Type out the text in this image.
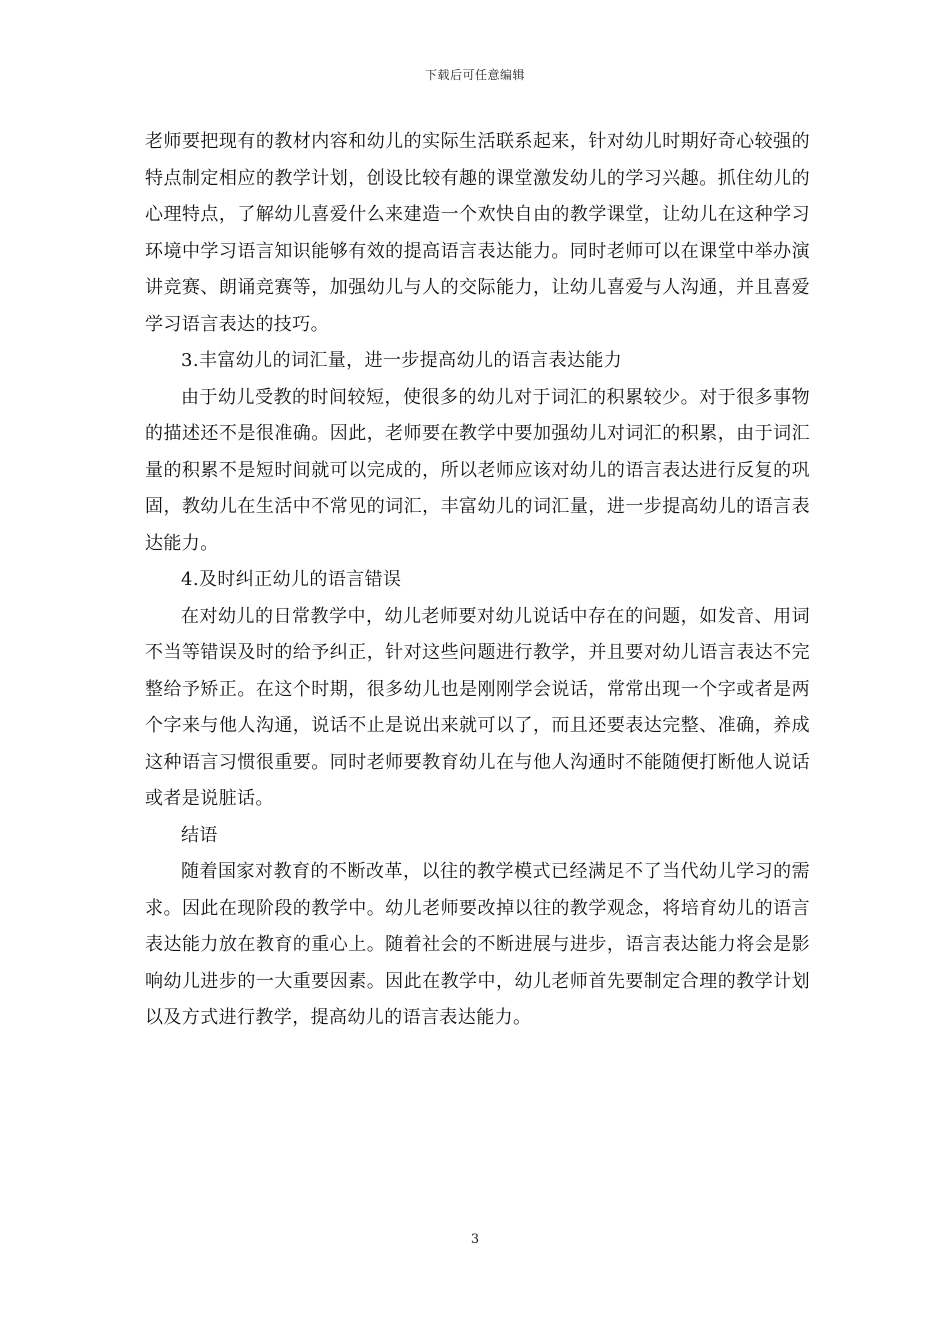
下载后可任意编辑

老师要把现有的教材内容和幼儿的实际生活联系起来，针对幼儿时期好奇心较强的特点制定相应的教学计划，创设比较有趣的课堂激发幼儿的学习兴趣。抓住幼儿的心理特点，了解幼儿喜爱什么来建造一个欢快自由的教学课堂，让幼儿在这种学习环境中学习语言知识能够有效的提高语言表达能力。同时老师可以在课堂中举办演讲竞赛、朗诵竞赛等，加强幼儿与人的交际能力，让幼儿喜爱与人沟通，并且喜爱学习语言表达的技巧。

3.丰富幼儿的词汇量，进一步提高幼儿的语言表达能力

由于幼儿受教的时间较短，使很多的幼儿对于词汇的积累较少。对于很多事物的描述还不是很准确。因此，老师要在教学中要加强幼儿对词汇的积累，由于词汇量的积累不是短时间就可以完成的，所以老师应该对幼儿的语言表达进行反复的巩固，教幼儿在生活中不常见的词汇，丰富幼儿的词汇量，进一步提高幼儿的语言表达能力。

4.及时纠正幼儿的语言错误

在对幼儿的日常教学中，幼儿老师要对幼儿说话中存在的问题，如发音、用词不当等错误及时的给予纠正，针对这些问题进行教学，并且要对幼儿语言表达不完整给予矫正。在这个时期，很多幼儿也是刚刚学会说话，常常出现一个字或者是两个字来与他人沟通，说话不止是说出来就可以了，而且还要表达完整、准确，养成这种语言习惯很重要。同时老师要教育幼儿在与他人沟通时不能随便打断他人说话或者是说脏话。

结语

随着国家对教育的不断改革，以往的教学模式已经满足不了当代幼儿学习的需求。因此在现阶段的教学中。幼儿老师要改掉以往的教学观念，将培育幼儿的语言表达能力放在教育的重心上。随着社会的不断进展与进步，语言表达能力将会是影响幼儿进步的一大重要因素。因此在教学中，幼儿老师首先要制定合理的教学计划以及方式进行教学，提高幼儿的语言表达能力。

3
